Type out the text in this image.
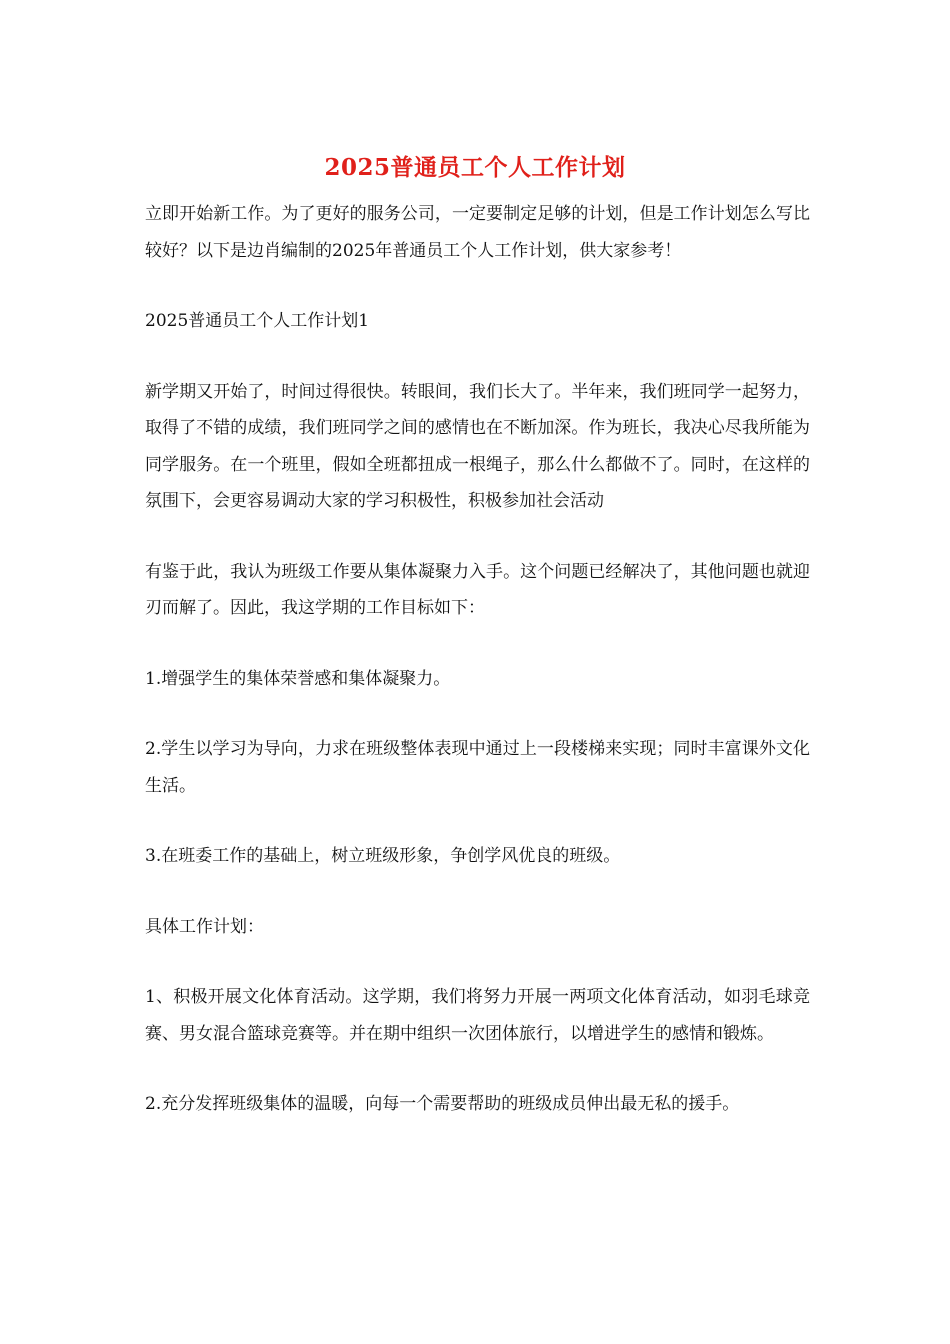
2025普通员工个人工作计划

立即开始新工作。为了更好的服务公司，一定要制定足够的计划，但是工作计划怎么写比较好？以下是边肖编制的2025年普通员工个人工作计划，供大家参考！

2025普通员工个人工作计划1

新学期又开始了，时间过得很快。转眼间，我们长大了。半年来，我们班同学一起努力，取得了不错的成绩，我们班同学之间的感情也在不断加深。作为班长，我决心尽我所能为同学服务。在一个班里，假如全班都扭成一根绳子，那么什么都做不了。同时，在这样的氛围下，会更容易调动大家的学习积极性，积极参加社会活动

有鉴于此，我认为班级工作要从集体凝聚力入手。这个问题已经解决了，其他问题也就迎刃而解了。因此，我这学期的工作目标如下：

1.增强学生的集体荣誉感和集体凝聚力。

2.学生以学习为导向，力求在班级整体表现中通过上一段楼梯来实现；同时丰富课外文化生活。

3.在班委工作的基础上，树立班级形象，争创学风优良的班级。

具体工作计划：

1、积极开展文化体育活动。这学期，我们将努力开展一两项文化体育活动，如羽毛球竞赛、男女混合篮球竞赛等。并在期中组织一次团体旅行，以增进学生的感情和锻炼。

2.充分发挥班级集体的温暖，向每一个需要帮助的班级成员伸出最无私的援手。
